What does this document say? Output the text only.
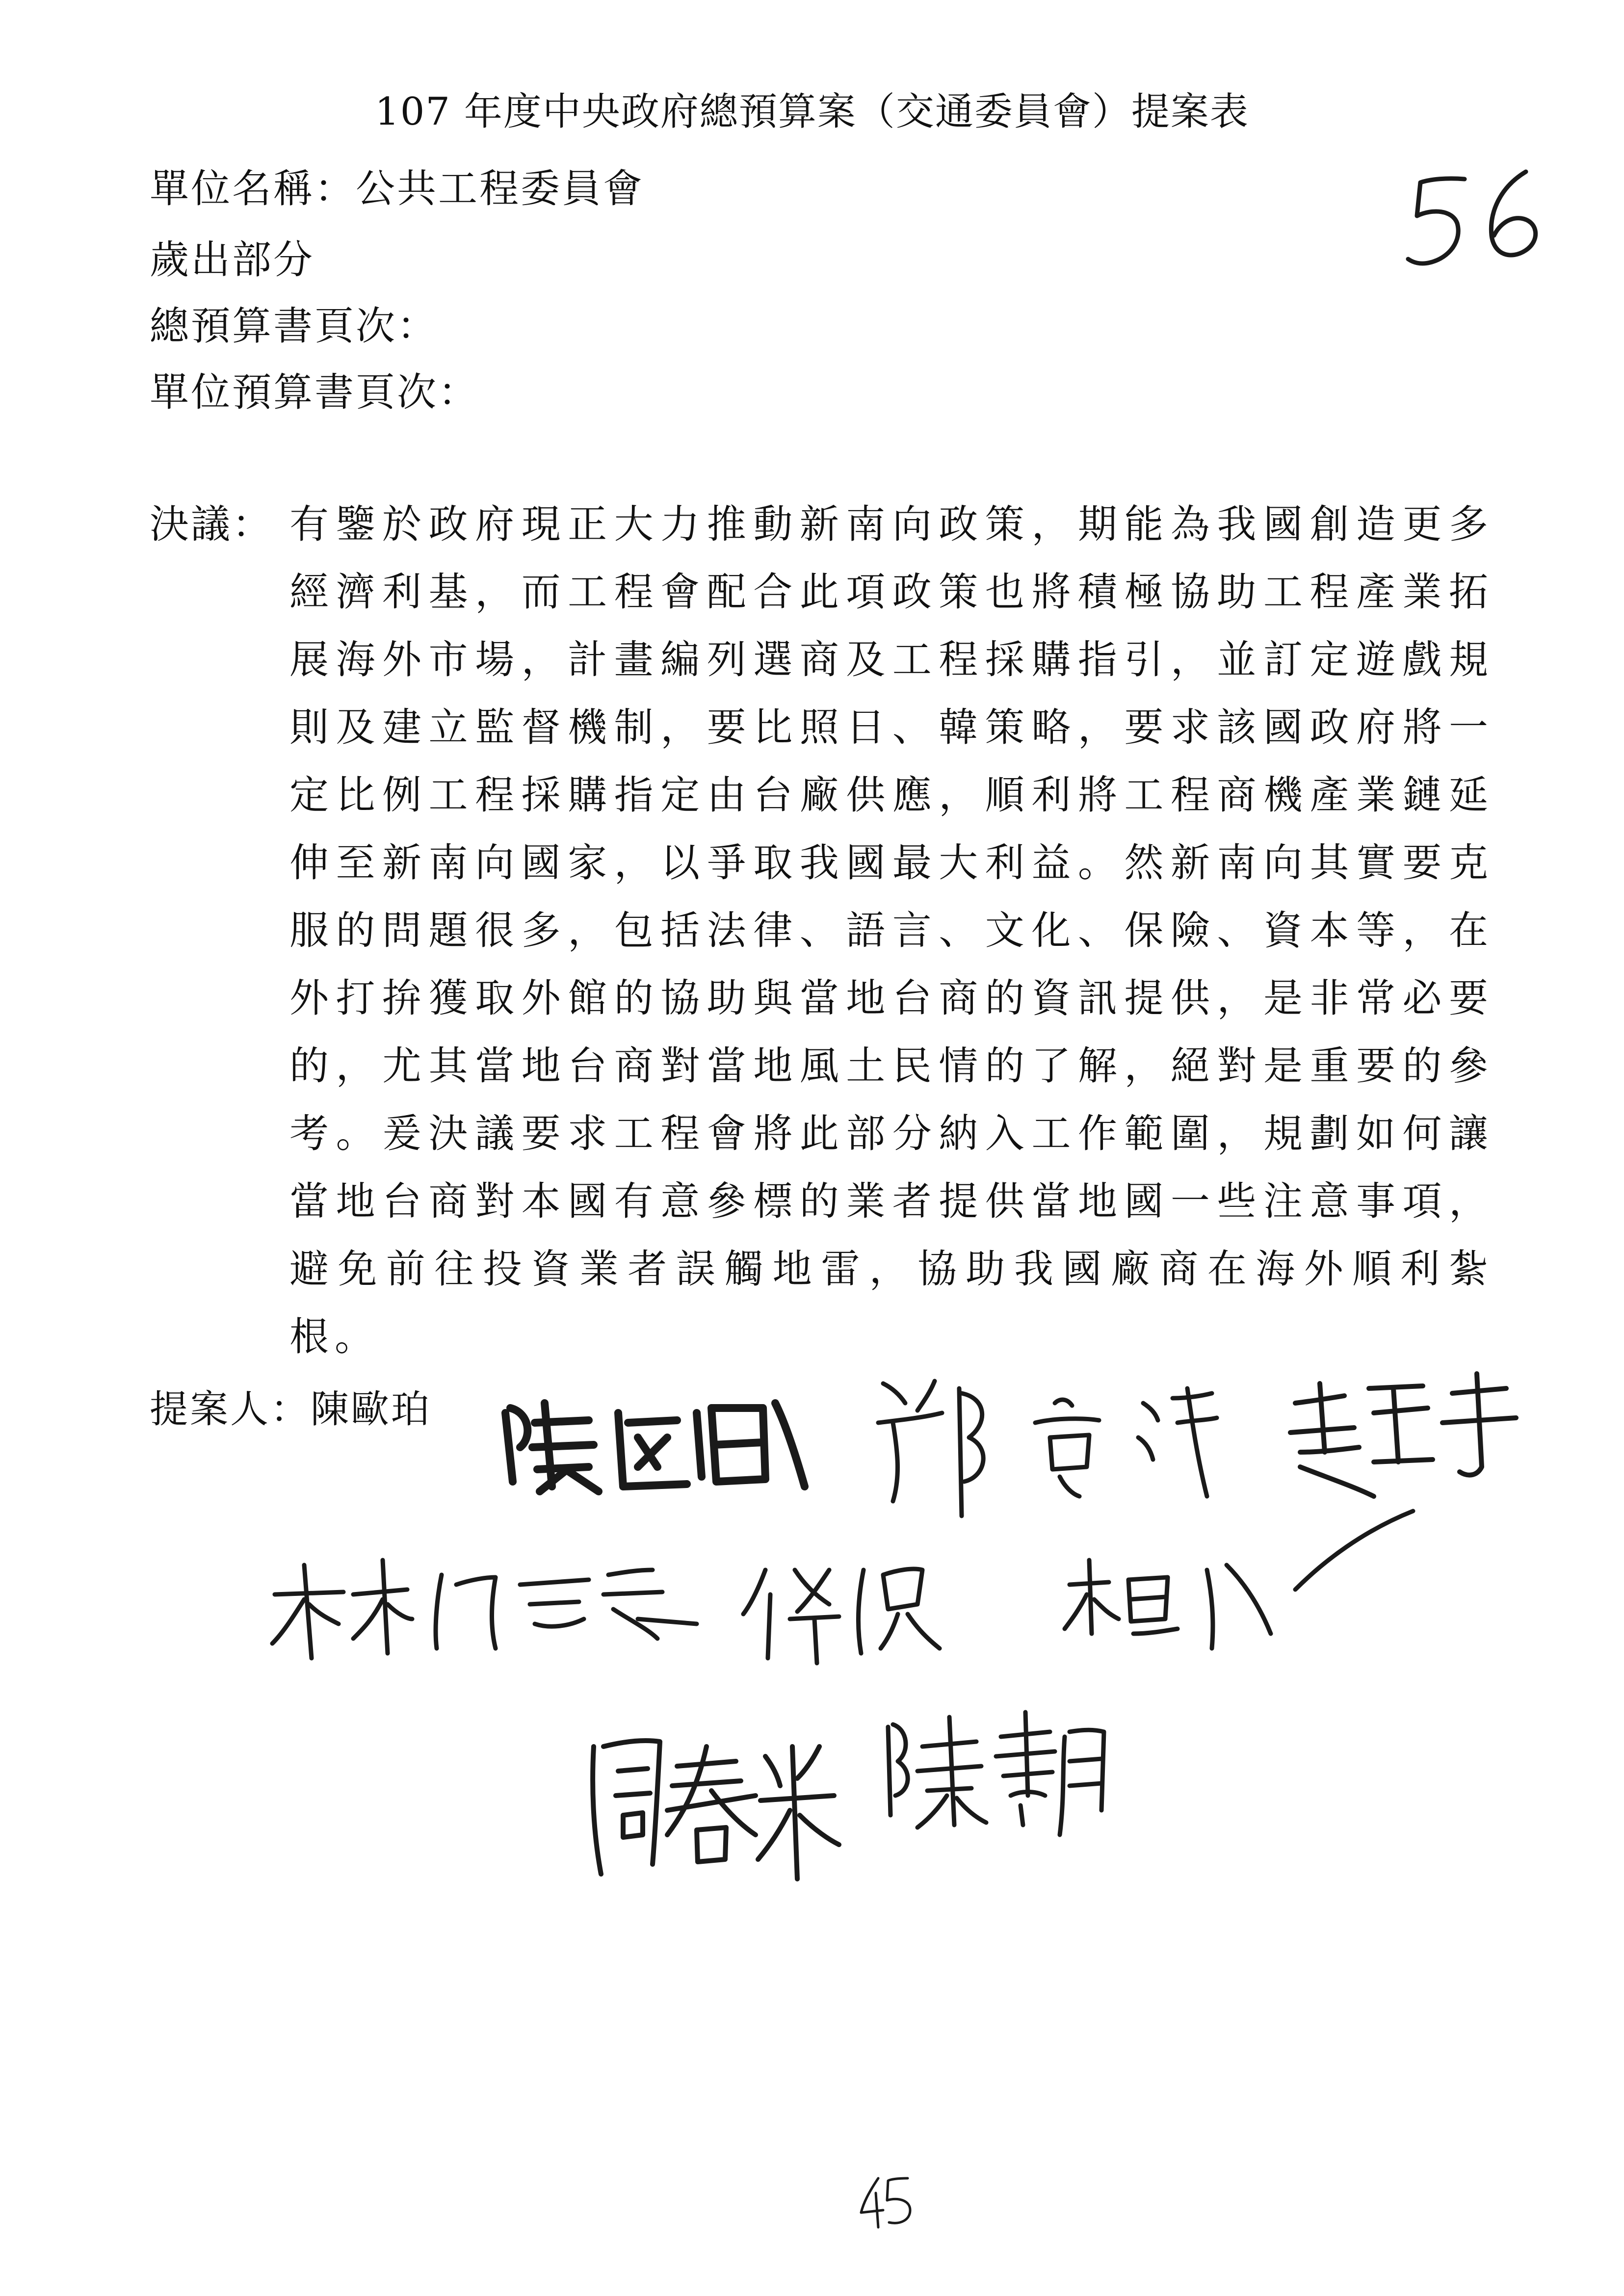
107 年度中央政府總預算案（交通委員會）提案表
單位名稱：公共工程委員會
歲出部分
總預算書頁次：
單位預算書頁次：
決議： 有鑒於政府現正大力推動新南向政策，期能為我國創造更多經濟利基，而工程會配合此項政策也將積極協助工程產業拓展海外市場，計畫編列選商及工程採購指引，並訂定遊戲規則及建立監督機制，要比照日、韓策略，要求該國政府將一定比例工程採購指定由台廠供應，順利將工程商機產業鏈延伸至新南向國家，以爭取我國最大利益。然新南向其實要克服的問題很多，包括法律、語言、文化、保險、資本等，在外打拚獲取外館的協助與當地台商的資訊提供，是非常必要的，尤其當地台商對當地風土民情的了解，絕對是重要的參考。爰決議要求工程會將此部分納入工作範圍，規劃如何讓當地台商對本國有意參標的業者提供當地國一些注意事項，避免前往投資業者誤觸地雷，協助我國廠商在海外順利紮根。
提案人：陳歐珀
